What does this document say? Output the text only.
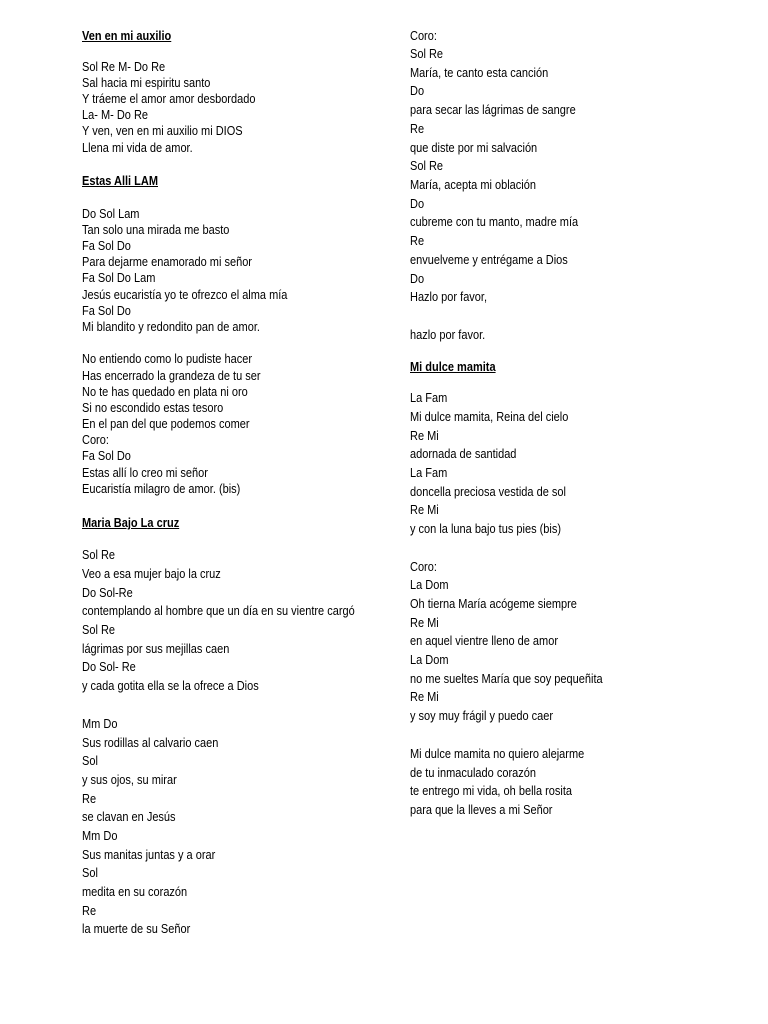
Ven en mi auxilio
Sol Re M- Do Re
Sal hacia mi espiritu santo
Y tráeme el amor amor desbordado
La- M- Do Re
Y ven, ven en mi auxilio mi DIOS
Llena mi vida de amor.
Estas Alli LAM
Do Sol Lam
Tan solo una mirada me basto
Fa Sol Do
Para dejarme enamorado mi señor
Fa Sol Do Lam
Jesús eucaristía yo te ofrezco el alma mía
Fa Sol Do
Mi blandito y redondito pan de amor.
No entiendo como lo pudiste hacer
Has encerrado la grandeza de tu ser
No te has quedado en plata ni oro
Si no escondido estas tesoro
En el pan del que podemos comer
Coro:
Fa Sol Do
Estas allí lo creo mi señor
Eucaristía milagro de amor. (bis)
Maria Bajo La cruz
Sol Re
Veo a esa mujer bajo la cruz
Do Sol-Re
contemplando al hombre que un día en su vientre cargó
Sol Re
lágrimas por sus mejillas caen
Do Sol- Re
y cada gotita ella se la ofrece a Dios
Mm Do
Sus rodillas al calvario caen
Sol
y sus ojos, su mirar
Re
se clavan en Jesús
Mm Do
Sus manitas juntas y a orar
Sol
medita en su corazón
Re
la muerte de su Señor
Coro:
Sol Re
María, te canto esta canción
Do
para secar las lágrimas de sangre
Re
que diste por mi salvación
Sol Re
María, acepta mi oblación
Do
cubreme con tu manto, madre mía
Re
envuelveme y entrégame a Dios
Do
Hazlo por favor,
hazlo por favor.
Mi dulce mamita
La Fam
Mi dulce mamita, Reina del cielo
Re Mi
adornada de santidad
La Fam
doncella preciosa vestida de sol
Re Mi
y con la luna bajo tus pies (bis)
Coro:
La Dom
Oh tierna María acógeme siempre
Re Mi
en aquel vientre lleno de amor
La Dom
no me sueltes María que soy pequeñita
Re Mi
y soy muy frágil y puedo caer
Mi dulce mamita no quiero alejarme
de tu inmaculado corazón
te entrego mi vida, oh bella rosita
para que la lleves a mi Señor
